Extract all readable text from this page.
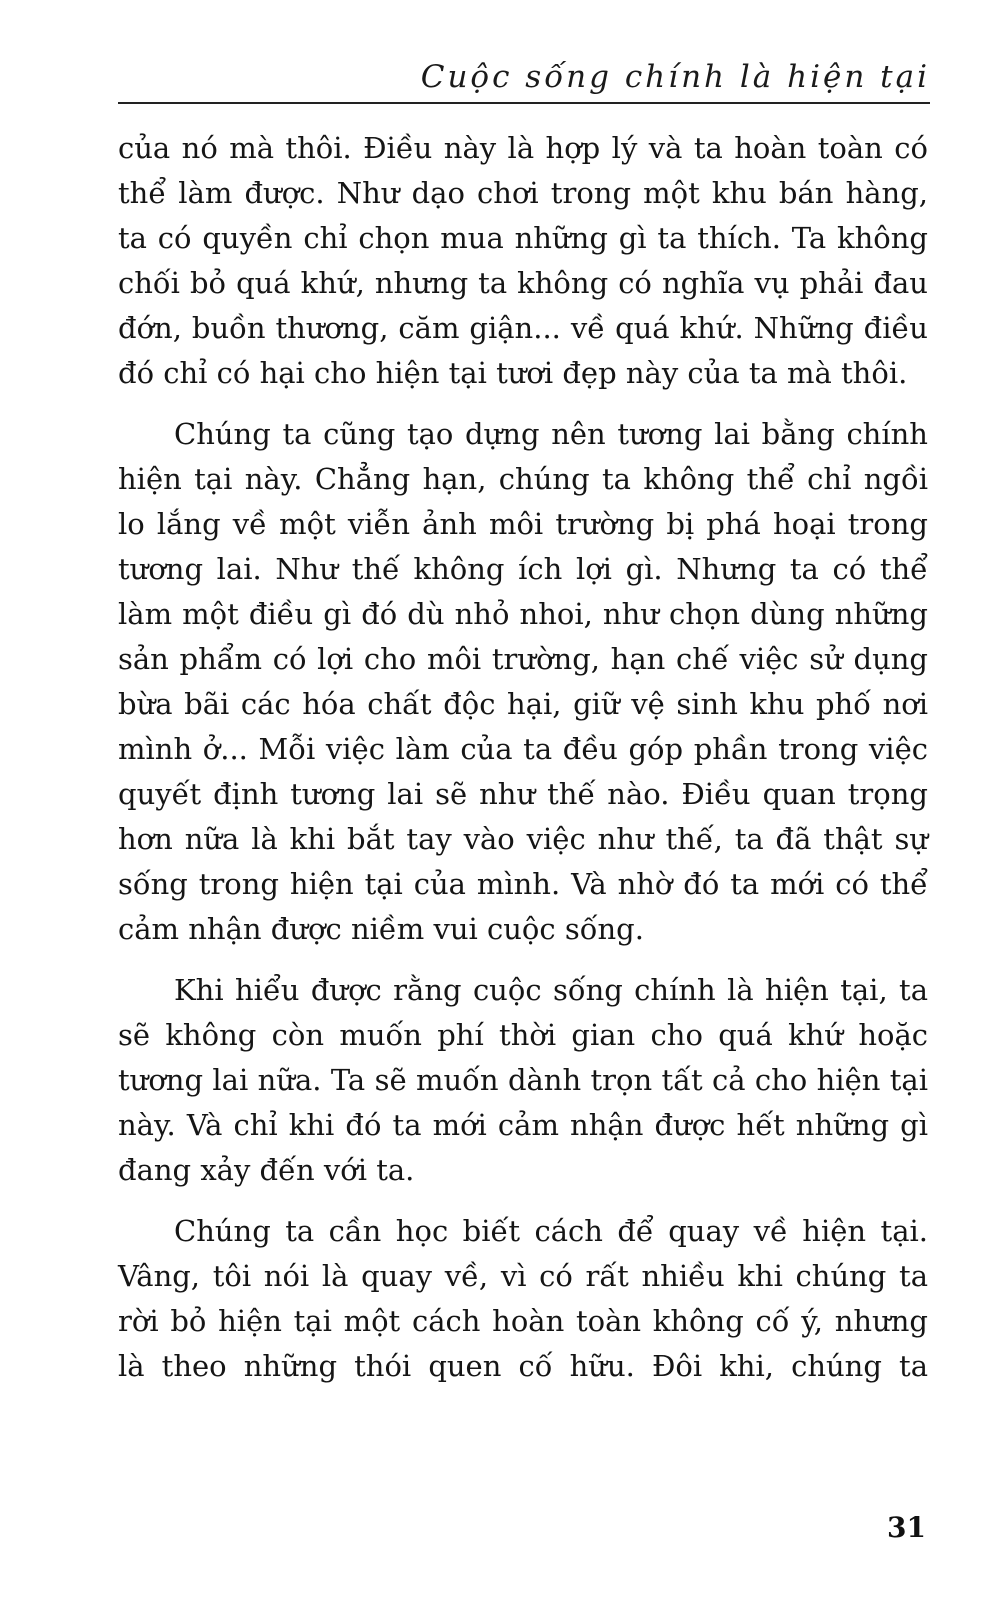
Cuộc sống chính là hiện tại

của nó mà thôi. Điều này là hợp lý và ta hoàn toàn có thể làm được. Như dạo chơi trong một khu bán hàng, ta có quyền chỉ chọn mua những gì ta thích. Ta không chối bỏ quá khứ, nhưng ta không có nghĩa vụ phải đau đớn, buồn thương, căm giận... về quá khứ. Những điều đó chỉ có hại cho hiện tại tươi đẹp này của ta mà thôi.

Chúng ta cũng tạo dựng nên tương lai bằng chính hiện tại này. Chẳng hạn, chúng ta không thể chỉ ngồi lo lắng về một viễn ảnh môi trường bị phá hoại trong tương lai. Như thế không ích lợi gì. Nhưng ta có thể làm một điều gì đó dù nhỏ nhoi, như chọn dùng những sản phẩm có lợi cho môi trường, hạn chế việc sử dụng bừa bãi các hóa chất độc hại, giữ vệ sinh khu phố nơi mình ở... Mỗi việc làm của ta đều góp phần trong việc quyết định tương lai sẽ như thế nào. Điều quan trọng hơn nữa là khi bắt tay vào việc như thế, ta đã thật sự sống trong hiện tại của mình. Và nhờ đó ta mới có thể cảm nhận được niềm vui cuộc sống.

Khi hiểu được rằng cuộc sống chính là hiện tại, ta sẽ không còn muốn phí thời gian cho quá khứ hoặc tương lai nữa. Ta sẽ muốn dành trọn tất cả cho hiện tại này. Và chỉ khi đó ta mới cảm nhận được hết những gì đang xảy đến với ta.

Chúng ta cần học biết cách để quay về hiện tại. Vâng, tôi nói là quay về, vì có rất nhiều khi chúng ta rời bỏ hiện tại một cách hoàn toàn không cố ý, nhưng là theo những thói quen cố hữu. Đôi khi, chúng ta

31
